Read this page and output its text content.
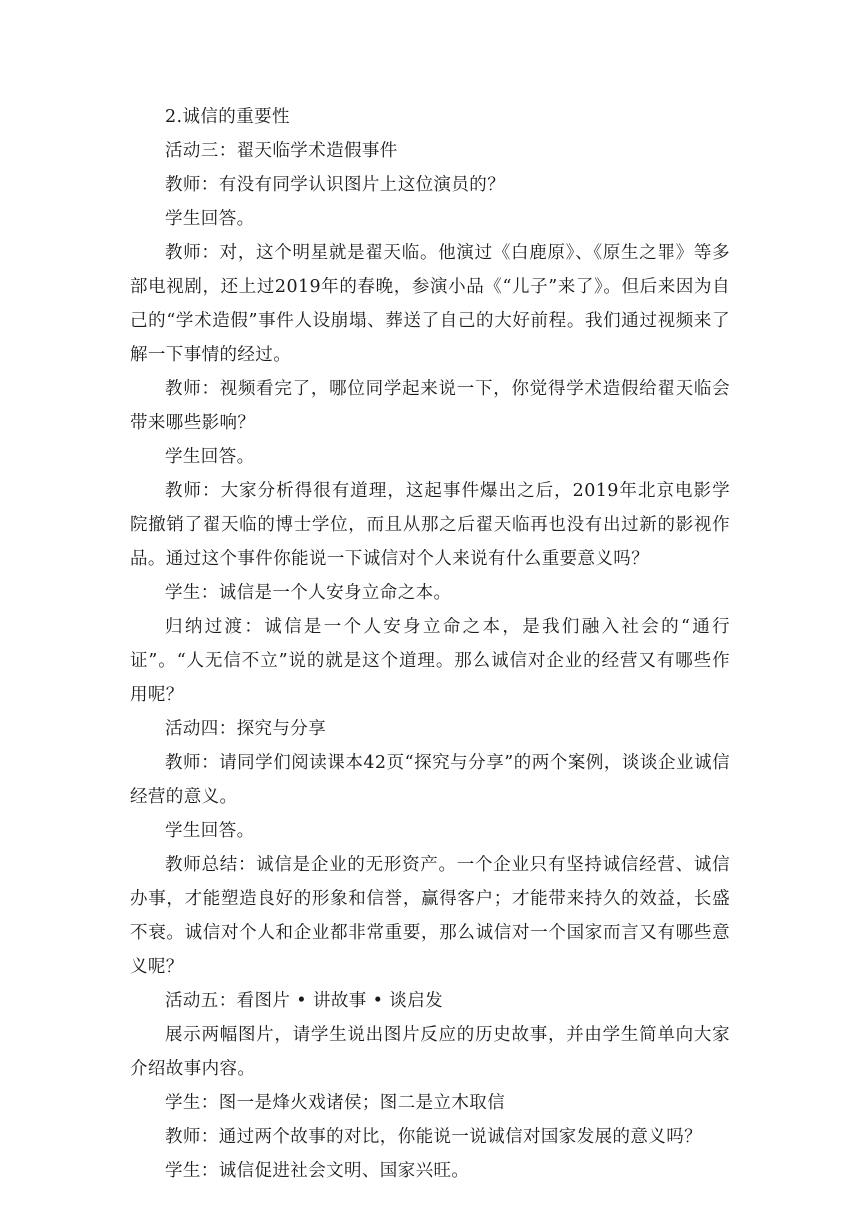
2.诚信的重要性

活动三：翟天临学术造假事件

教师：有没有同学认识图片上这位演员的？

学生回答。

教师：对，这个明星就是翟天临。他演过《白鹿原》、《原生之罪》等多部电视剧，还上过2019年的春晚，参演小品《“儿子”来了》。但后来因为自己的“学术造假”事件人设崩塌、葬送了自己的大好前程。我们通过视频来了解一下事情的经过。

教师：视频看完了，哪位同学起来说一下，你觉得学术造假给翟天临会带来哪些影响？

学生回答。

教师：大家分析得很有道理，这起事件爆出之后，2019年北京电影学院撤销了翟天临的博士学位，而且从那之后翟天临再也没有出过新的影视作品。通过这个事件你能说一下诚信对个人来说有什么重要意义吗？

学生：诚信是一个人安身立命之本。

归纳过渡：诚信是一个人安身立命之本，是我们融入社会的“通行证”。“人无信不立”说的就是这个道理。那么诚信对企业的经营又有哪些作用呢？

活动四：探究与分享

教师：请同学们阅读课本42页“探究与分享”的两个案例，谈谈企业诚信经营的意义。

学生回答。

教师总结：诚信是企业的无形资产。一个企业只有坚持诚信经营、诚信办事，才能塑造良好的形象和信誉，赢得客户；才能带来持久的效益，长盛不衰。诚信对个人和企业都非常重要，那么诚信对一个国家而言又有哪些意义呢？

活动五：看图片 • 讲故事 • 谈启发

展示两幅图片，请学生说出图片反应的历史故事，并由学生简单向大家介绍故事内容。

学生：图一是烽火戏诸侯；图二是立木取信

教师：通过两个故事的对比，你能说一说诚信对国家发展的意义吗？

学生：诚信促进社会文明、国家兴旺。
